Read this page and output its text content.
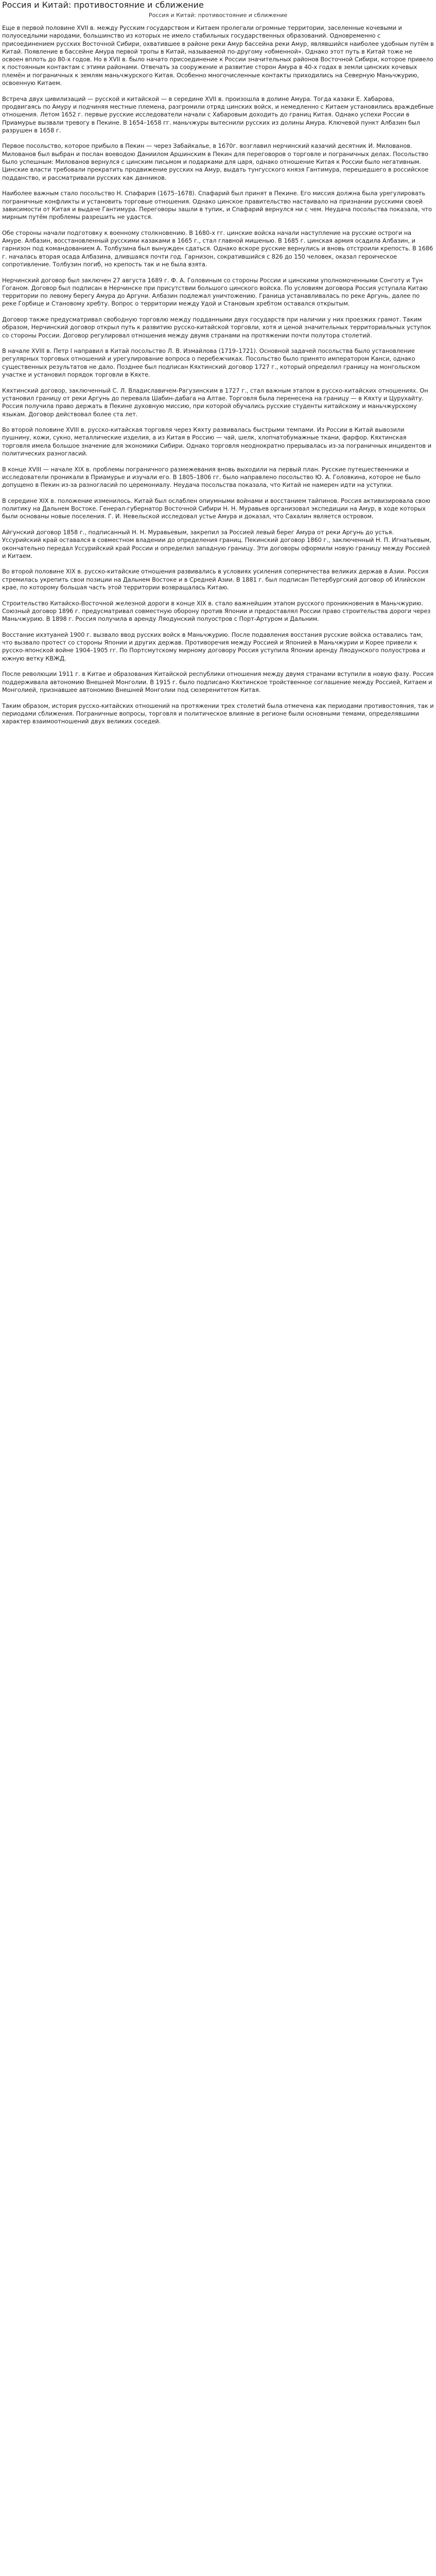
Россия и Китай: противостояние и сближение
Россия и Китай: противостояние и сближение

Еще в первой половине XVII в. между Русским государством и Китаем пролегали огромные территории, заселенные кочевыми и полуоседлыми народами, большинство из которых не имело стабильных государственных образований. Одновременно с присоединением русских Восточной Сибири, охватившее в районе реки Амур бассейна реки Амур, являвшийся наиболее удобным путём в Китай. Появление в бассейне Амура первой тропы в Китай, называемой по-другому «обменной». Однако этот путь в Китай тоже не освоен вплоть до 80-х годов. Но в XVII в. было начато присоединение к России значительных районов Восточной Сибири, которое привело к постоянным контактам с этими районами. Отвечать за сооружение и развитие сторон Амура в 40-х годах в земли цинских кочевых племён и пограничных к землям маньчжурского Китая. Особенно многочисленные контакты приходились на Северную Маньчжурию, освоенную Китаем.

Встреча двух цивилизаций — русской и китайской — в середине XVII в. произошла в долине Амура. Тогда казаки Е. Хабарова, продвигаясь по Амуру и подчиняя местные племена, разгромили отряд цинских войск, и немедленно с Китаем установились враждебные отношения. Летом 1652 г. первые русские исследователи начали с Хабаровым доходить до границ Китая. Однако успехи России в Приамурье вызвали тревогу в Пекине. В 1654–1658 гг. маньчжуры вытеснили русских из долины Амура. Ключевой пункт Албазин был разрушен в 1658 г.

Первое посольство, которое прибыло в Пекин — через Забайкалье, в 1670г. возглавил нерчинский казачий десятник И. Милованов. Милованов был выбран и послан воеводою Даниилом Аршинским в Пекин для переговоров о торговле и пограничных делах. Посольство было успешным: Милованов вернулся с цинским письмом и подарками для царя, однако отношение Китая к России было негативным. Цинские власти требовали прекратить продвижение русских на Амур, выдать тунгусского князя Гантимура, перешедшего в российское подданство, и рассматривали русских как данников.

Наиболее важным стало посольство Н. Спафария (1675–1678). Спафарий был принят в Пекине. Его миссия должна была урегулировать пограничные конфликты и установить торговые отношения. Однако цинское правительство настаивало на признании русскими своей зависимости от Китая и выдаче Гантимура. Переговоры зашли в тупик, и Спафарий вернулся ни с чем. Неудача посольства показала, что мирным путём проблемы разрешить не удастся.

Обе стороны начали подготовку к военному столкновению. В 1680-х гг. цинские войска начали наступление на русские остроги на Амуре. Албазин, восстановленный русскими казаками в 1665 г., стал главной мишенью. В 1685 г. цинская армия осадила Албазин, и гарнизон под командованием А. Толбузина был вынужден сдаться. Однако вскоре русские вернулись и вновь отстроили крепость. В 1686 г. началась вторая осада Албазина, длившаяся почти год. Гарнизон, сократившийся с 826 до 150 человек, оказал героическое сопротивление. Толбузин погиб, но крепость так и не была взята.

Нерчинский договор был заключен 27 августа 1689 г. Ф. А. Головиным со стороны России и цинскими уполномоченными Сонготу и Тун Гоганом. Договор был подписан в Нерчинске при присутствии большого цинского войска. По условиям договора Россия уступала Китаю территории по левому берегу Амура до Аргуни. Албазин подлежал уничтожению. Граница устанавливалась по реке Аргунь, далее по реке Горбице и Становому хребту. Вопрос о территории между Удой и Становым хребтом оставался открытым.

Договор также предусматривал свободную торговлю между подданными двух государств при наличии у них проезжих грамот. Таким образом, Нерчинский договор открыл путь к развитию русско-китайской торговли, хотя и ценой значительных территориальных уступок со стороны России. Договор регулировал отношения между двумя странами на протяжении почти полутора столетий.

В начале XVIII в. Петр I направил в Китай посольство Л. В. Измайлова (1719–1721). Основной задачей посольства было установление регулярных торговых отношений и урегулирование вопроса о перебежчиках. Посольство было принято императором Канси, однако существенных результатов не дало. Позднее был подписан Кяхтинский договор 1727 г., который определил границу на монгольском участке и установил порядок торговли в Кяхте.

Кяхтинский договор, заключенный С. Л. Владиславичем-Рагузинским в 1727 г., стал важным этапом в русско-китайских отношениях. Он установил границу от реки Аргунь до перевала Шабин-дабага на Алтае. Торговля была перенесена на границу — в Кяхту и Цурухайту. Россия получила право держать в Пекине духовную миссию, при которой обучались русские студенты китайскому и маньчжурскому языкам. Договор действовал более ста лет.

Во второй половине XVIII в. русско-китайская торговля через Кяхту развивалась быстрыми темпами. Из России в Китай вывозили пушнину, кожи, сукно, металлические изделия, а из Китая в Россию — чай, шелк, хлопчатобумажные ткани, фарфор. Кяхтинская торговля имела большое значение для экономики Сибири. Однако торговля неоднократно прерывалась из-за пограничных инцидентов и политических разногласий.

В конце XVIII — начале XIX в. проблемы пограничного размежевания вновь выходили на первый план. Русские путешественники и исследователи проникали в Приамурье и изучали его. В 1805–1806 гг. было направлено посольство Ю. А. Головкина, которое не было допущено в Пекин из-за разногласий по церемониалу. Неудача посольства показала, что Китай не намерен идти на уступки.

В середине XIX в. положение изменилось. Китай был ослаблен опиумными войнами и восстанием тайпинов. Россия активизировала свою политику на Дальнем Востоке. Генерал-губернатор Восточной Сибири Н. Н. Муравьев организовал экспедиции на Амур, в ходе которых были основаны новые поселения. Г. И. Невельской исследовал устье Амура и доказал, что Сахалин является островом.

Айгунский договор 1858 г., подписанный Н. Н. Муравьевым, закрепил за Россией левый берег Амура от реки Аргунь до устья. Уссурийский край оставался в совместном владении до определения границ. Пекинский договор 1860 г., заключенный Н. П. Игнатьевым, окончательно передал Уссурийский край России и определил западную границу. Эти договоры оформили новую границу между Россией и Китаем.

Во второй половине XIX в. русско-китайские отношения развивались в условиях усиления соперничества великих держав в Азии. Россия стремилась укрепить свои позиции на Дальнем Востоке и в Средней Азии. В 1881 г. был подписан Петербургский договор об Илийском крае, по которому большая часть этой территории возвращалась Китаю.

Строительство Китайско-Восточной железной дороги в конце XIX в. стало важнейшим этапом русского проникновения в Маньчжурию. Союзный договор 1896 г. предусматривал совместную оборону против Японии и предоставлял России право строительства дороги через Маньчжурию. В 1898 г. Россия получила в аренду Ляодунский полуостров с Порт-Артуром и Дальним.

Восстание ихэтуаней 1900 г. вызвало ввод русских войск в Маньчжурию. После подавления восстания русские войска оставались там, что вызвало протест со стороны Японии и других держав. Противоречия между Россией и Японией в Маньчжурии и Корее привели к русско-японской войне 1904–1905 гг. По Портсмутскому мирному договору Россия уступила Японии аренду Ляодунского полуострова и южную ветку КВЖД.

После революции 1911 г. в Китае и образования Китайской республики отношения между двумя странами вступили в новую фазу. Россия поддерживала автономию Внешней Монголии. В 1915 г. было подписано Кяхтинское тройственное соглашение между Россией, Китаем и Монголией, признавшее автономию Внешней Монголии под сюзеренитетом Китая.

Таким образом, история русско-китайских отношений на протяжении трех столетий была отмечена как периодами противостояния, так и периодами сближения. Пограничные вопросы, торговля и политическое влияние в регионе были основными темами, определявшими характер взаимоотношений двух великих соседей.
